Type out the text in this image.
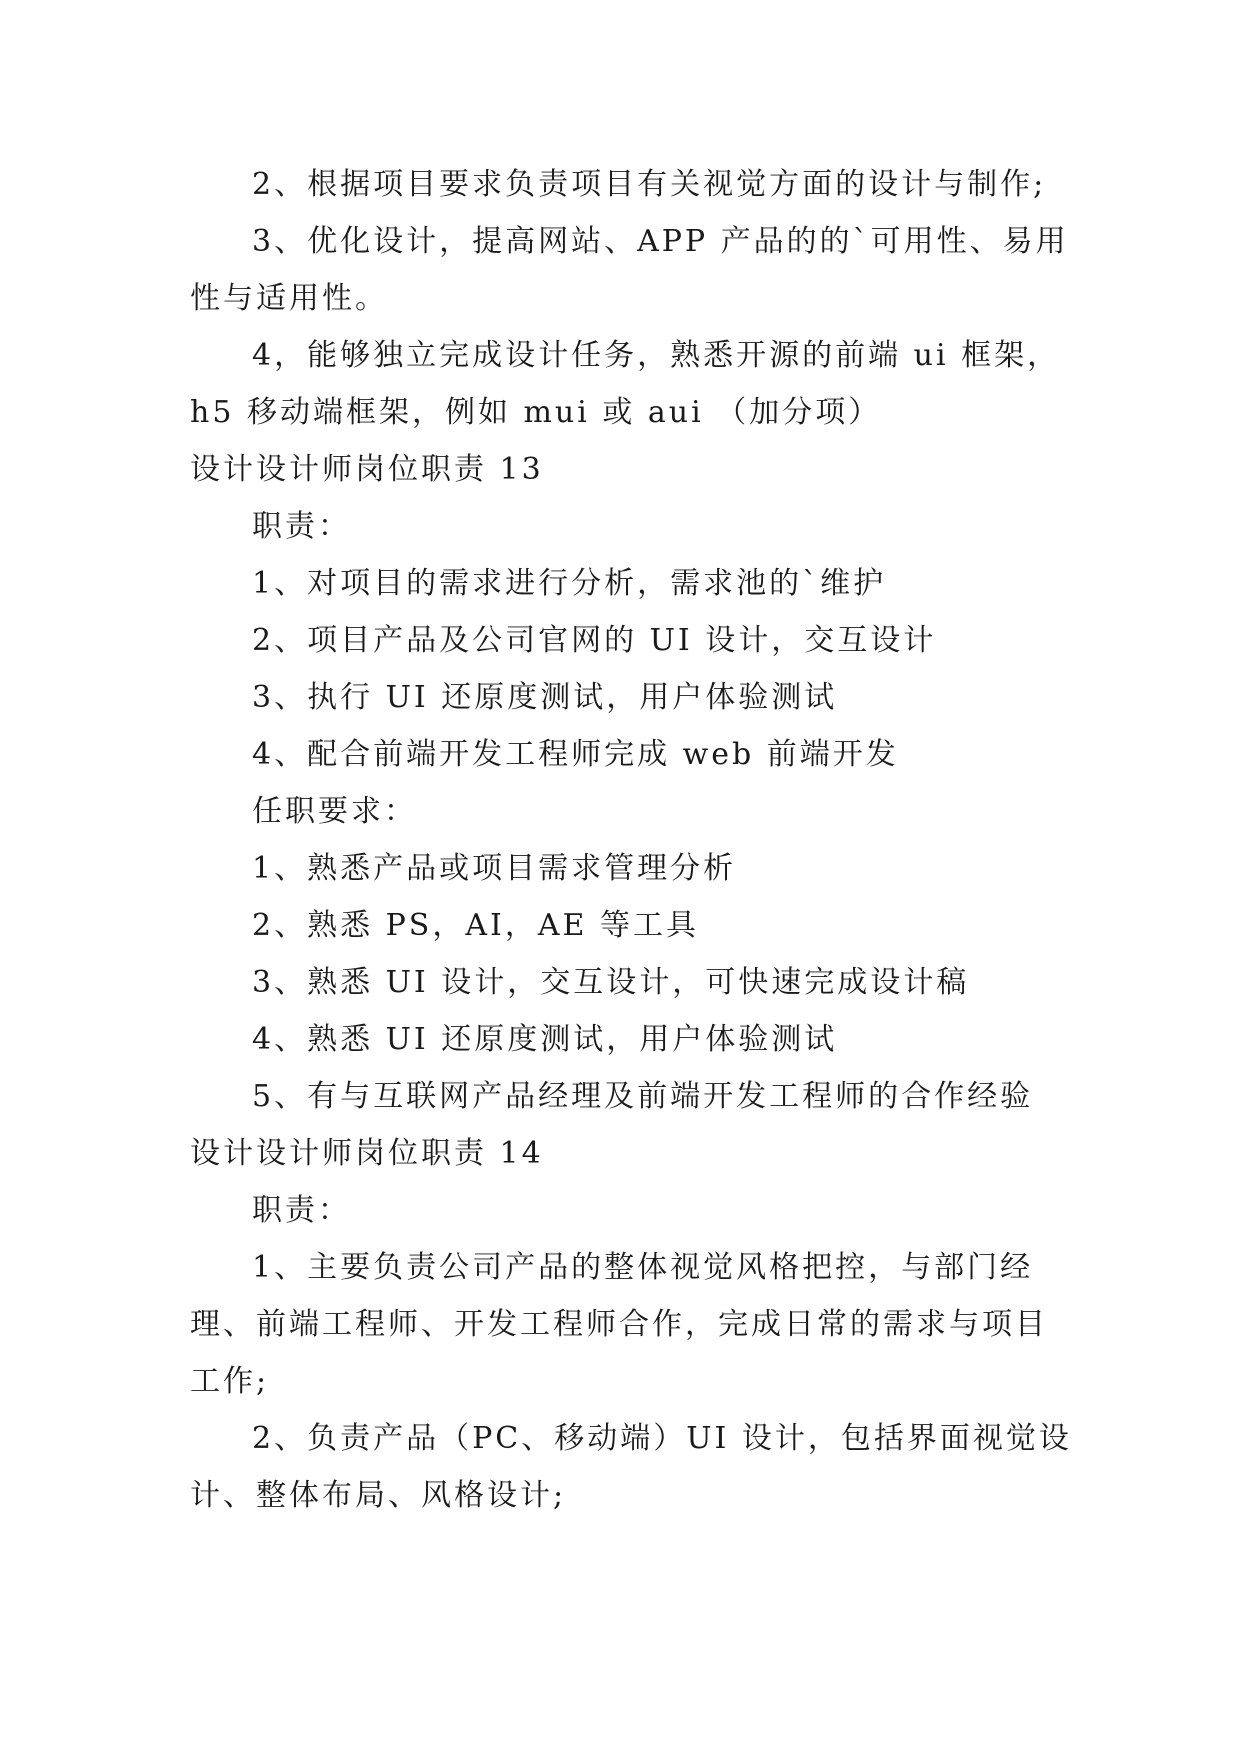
2、根据项目要求负责项目有关视觉方面的设计与制作;
3、优化设计，提高网站、APP 产品的的`可用性、易用
性与适用性。
4，能够独立完成设计任务，熟悉开源的前端 ui 框架，
h5 移动端框架，例如 mui 或 aui （加分项）
设计设计师岗位职责 13
职责：
1、对项目的需求进行分析，需求池的`维护
2、项目产品及公司官网的 UI 设计，交互设计
3、执行 UI 还原度测试，用户体验测试
4、配合前端开发工程师完成 web 前端开发
任职要求：
1、熟悉产品或项目需求管理分析
2、熟悉 PS，AI，AE 等工具
3、熟悉 UI 设计，交互设计，可快速完成设计稿
4、熟悉 UI 还原度测试，用户体验测试
5、有与互联网产品经理及前端开发工程师的合作经验
设计设计师岗位职责 14
职责：
1、主要负责公司产品的整体视觉风格把控，与部门经
理、前端工程师、开发工程师合作，完成日常的需求与项目
工作;
2、负责产品（PC、移动端）UI 设计，包括界面视觉设
计、整体布局、风格设计;
